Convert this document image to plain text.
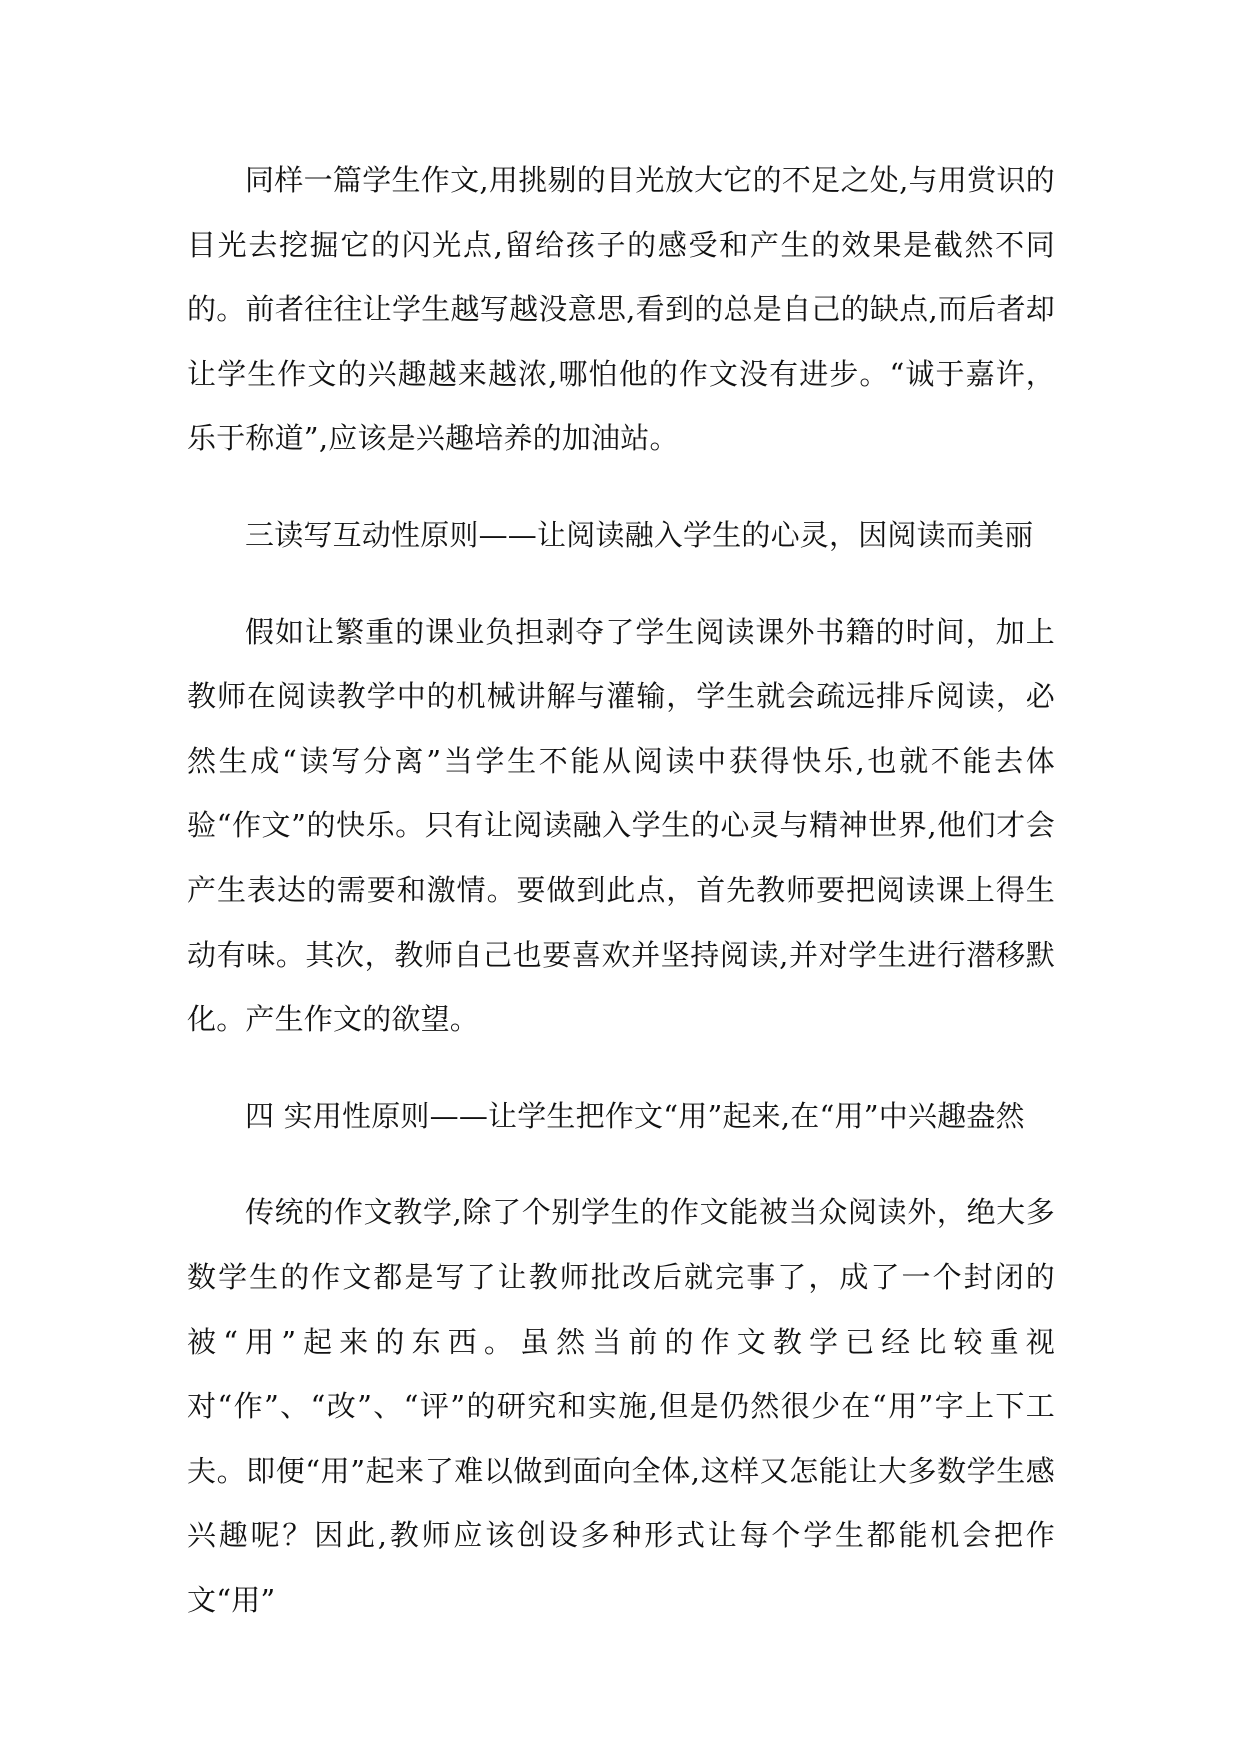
同样一篇学生作文,用挑剔的目光放大它的不足之处,与用赏识的目光去挖掘它的闪光点,留给孩子的感受和产生的效果是截然不同的。前者往往让学生越写越没意思,看到的总是自己的缺点,而后者却让学生作文的兴趣越来越浓,哪怕他的作文没有进步。“诚于嘉许，乐于称道”,应该是兴趣培养的加油站。

三读写互动性原则——让阅读融入学生的心灵，因阅读而美丽

假如让繁重的课业负担剥夺了学生阅读课外书籍的时间，加上教师在阅读教学中的机械讲解与灌输，学生就会疏远排斥阅读，必然生成“读写分离”当学生不能从阅读中获得快乐,也就不能去体验“作文”的快乐。只有让阅读融入学生的心灵与精神世界,他们才会产生表达的需要和激情。要做到此点，首先教师要把阅读课上得生动有味。其次，教师自己也要喜欢并坚持阅读,并对学生进行潜移默化。产生作文的欲望。

四 实用性原则——让学生把作文“用”起来,在“用”中兴趣盎然

传统的作文教学,除了个别学生的作文能被当众阅读外，绝大多数学生的作文都是写了让教师批改后就完事了，成了一个封闭的被“用”起来的东西。虽然当前的作文教学已经比较重视对“作”、“改”、“评”的研究和实施,但是仍然很少在“用”字上下工夫。即便“用”起来了难以做到面向全体,这样又怎能让大多数学生感 兴趣呢？因此,教师应该创设多种形式让每个学生都能机会把作文“用”
